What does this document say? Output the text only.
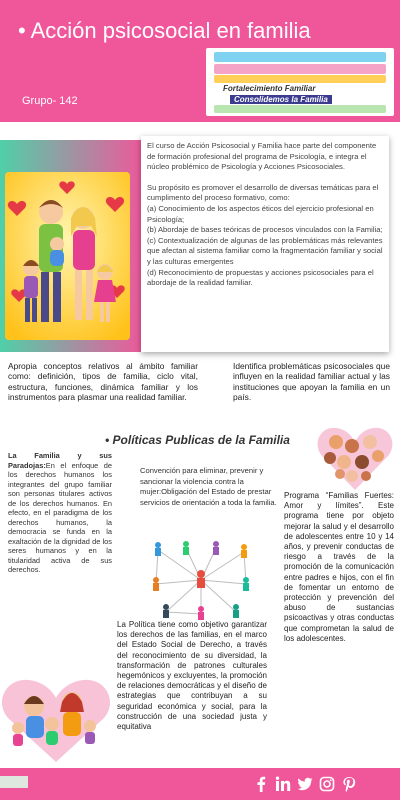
• Acción psicosocial en familia
Grupo- 142
Fortalecimiento Familiar
Consolidemos la Familia

El curso de Acción Psicosocial y Familia hace parte del componente de formación profesional del programa de Psicología, e integra el núcleo problémico de Psicología y Acciones Psicosociales.

Su propósito es promover el desarrollo de diversas temáticas para el cumplimento del proceso formativo, como:

(a) Conocimiento de los aspectos éticos del ejercicio profesional en Psicología;
(b) Abordaje de bases teóricas de procesos vinculados con la Familia;
(c) Contextualización de algunas de las problemáticas más relevantes que afectan al sistema familiar como la fragmentación familiar y social y las culturas emergentes
(d) Reconocimiento de propuestas y acciones psicosociales para el abordaje de la realidad familiar.
Apropia conceptos relativos al ámbito familiar como: definición, tipos de familia, ciclo vital, estructura, funciones, dinámica familiar y los instrumentos para plasmar una realidad familiar.
Identifica problemáticas psicosociales que influyen en la realidad familiar actual y las instituciones que apoyan la familia en un país.
• Políticas Publicas de la Familia
La Familia y sus Paradojas:En el enfoque de los derechos humanos los integrantes del grupo familiar son personas titulares activos de los derechos humanos. En efecto, en el paradigma de los derechos humanos, la democracia se funda en la exaltación de la dignidad de los seres humanos y en la titularidad activa de sus derechos.
Convención para eliminar, prevenir y sancionar la violencia contra la mujer:Obligación del Estado de prestar servicios de orientación a toda la familia.
Programa “Familias Fuertes: Amor y límites”. Este programa tiene por objeto mejorar la salud y el desarrollo de adolescentes entre 10 y 14 años, y prevenir conductas de riesgo a través de la promoción de la comunicación entre padres e hijos, con el fin de fomentar un entorno de protección y prevención del abuso de sustancias psicoactivas y otras conductas que comprometan la salud de los adolescentes.
La Política tiene como objetivo garantizar los derechos de las familias, en el marco del Estado Social de Derecho, a través del reconocimiento de su diversidad, la transformación de patrones culturales hegemónicos y excluyentes, la promoción de relaciones democráticas y el diseño de estrategias que contribuyan a su seguridad económica y social, para la construcción de una sociedad justa y equitativa
